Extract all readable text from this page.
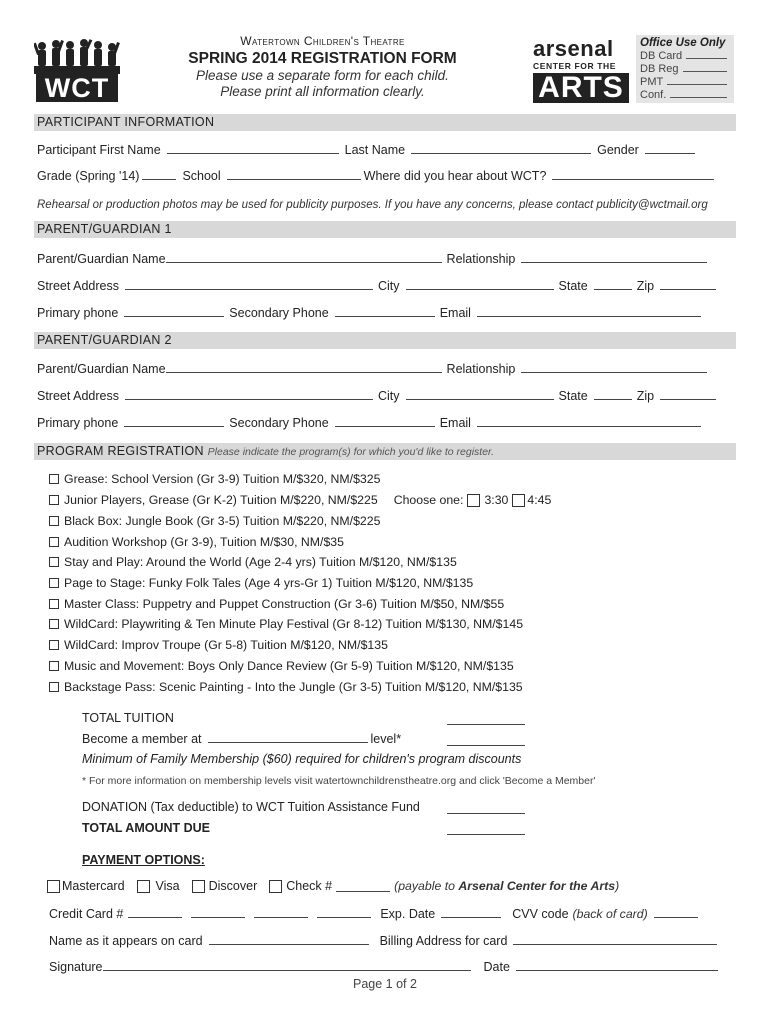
WCT
Watertown Children's Theatre
SPRING 2014 REGISTRATION FORM
Please use a separate form for each child.
Please print all information clearly.
arsenal
CENTER FOR THE
ARTS
Office Use Only
DB Card
DB Reg
PMT
Conf.
PARTICIPANT INFORMATION
Participant First Name	Last Name	Gender
Grade (Spring '14)	School	Where did you hear about WCT?
Rehearsal or production photos may be used for publicity purposes. If you have any concerns, please contact publicity@wctmail.org
PARENT/GUARDIAN 1
Parent/Guardian Name	Relationship
Street Address	City	State	Zip
Primary phone	Secondary Phone	Email
PARENT/GUARDIAN 2
Parent/Guardian Name	Relationship
Street Address	City	State	Zip
Primary phone	Secondary Phone	Email
PROGRAM REGISTRATION Please indicate the program(s) for which you'd like to register.
Grease: School Version (Gr 3-9) Tuition M/$320, NM/$325
Junior Players, Grease (Gr K-2) Tuition M/$220, NM/$225 Choose one: 3:30 4:45
Black Box: Jungle Book (Gr 3-5) Tuition M/$220, NM/$225
Audition Workshop (Gr 3-9), Tuition M/$30, NM/$35
Stay and Play: Around the World (Age 2-4 yrs) Tuition M/$120, NM/$135
Page to Stage: Funky Folk Tales (Age 4 yrs-Gr 1) Tuition M/$120, NM/$135
Master Class: Puppetry and Puppet Construction (Gr 3-6) Tuition M/$50, NM/$55
WildCard: Playwriting & Ten Minute Play Festival (Gr 8-12) Tuition M/$130, NM/$145
WildCard: Improv Troupe (Gr 5-8) Tuition M/$120, NM/$135
Music and Movement: Boys Only Dance Review (Gr 5-9) Tuition M/$120, NM/$135
Backstage Pass: Scenic Painting - Into the Jungle (Gr 3-5) Tuition M/$120, NM/$135
TOTAL TUITION
Become a member at	level*
Minimum of Family Membership ($60) required for children's program discounts
* For more information on membership levels visit watertownchildrenstheatre.org and click 'Become a Member'
DONATION (Tax deductible) to WCT Tuition Assistance Fund
TOTAL AMOUNT DUE
PAYMENT OPTIONS:
Mastercard Visa Discover Check #	(payable to Arsenal Center for the Arts)
Credit Card #	Exp. Date	CVV code (back of card)
Name as it appears on card	Billing Address for card
Signature	Date
Page 1 of 2
